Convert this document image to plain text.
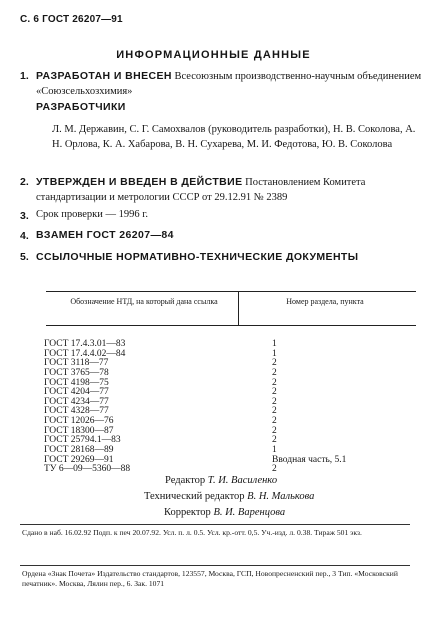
С. 6 ГОСТ 26207—91
ИНФОРМАЦИОННЫЕ ДАННЫЕ
1. РАЗРАБОТАН И ВНЕСЕН Всесоюзным производственно-научным объединением «Союзсельхозхимия»
РАЗРАБОТЧИКИ
Л. М. Державин, С. Г. Самохвалов (руководитель разработки), Н. В. Соколова, А. Н. Орлова, К. А. Хабарова, В. Н. Сухарева, М. И. Федотова, Ю. В. Соколова
2. УТВЕРЖДЕН И ВВЕДЕН В ДЕЙСТВИЕ Постановлением Комитета стандартизации и метрологии СССР от 29.12.91 № 2389
3. Срок проверки — 1996 г.
4. ВЗАМЕН ГОСТ 26207—84
5. ССЫЛОЧНЫЕ НОРМАТИВНО-ТЕХНИЧЕСКИЕ ДОКУМЕНТЫ
Обозначение НТД, на который дана ссылка	Номер раздела, пункта
ГОСТ 17.4.3.01—83	1
ГОСТ 17.4.4.02—84	1
ГОСТ 3118—77	2
ГОСТ 3765—78	2
ГОСТ 4198—75	2
ГОСТ 4204—77	2
ГОСТ 4234—77	2
ГОСТ 4328—77	2
ГОСТ 12026—76	2
ГОСТ 18300—87	2
ГОСТ 25794.1—83	2
ГОСТ 28168—89	1
ГОСТ 29269—91	Вводная часть, 5.1
ТУ 6—09—5360—88	2
Редактор Т. И. Василенко
Технический редактор В. Н. Малькова
Корректор В. И. Варенцова
Сдано в наб. 16.02.92 Подп. к печ 20.07.92. Усл. п. л. 0.5. Усл. кр.-отт. 0,5. Уч.-изд. л. 0.38. Тираж 501 экз.
Ордена «Знак Почета» Издательство стандартов, 123557, Москва, ГСП, Новопресненский пер., 3 Тип. «Московский печатник». Москва, Лялин пер., 6. Зак. 1071
